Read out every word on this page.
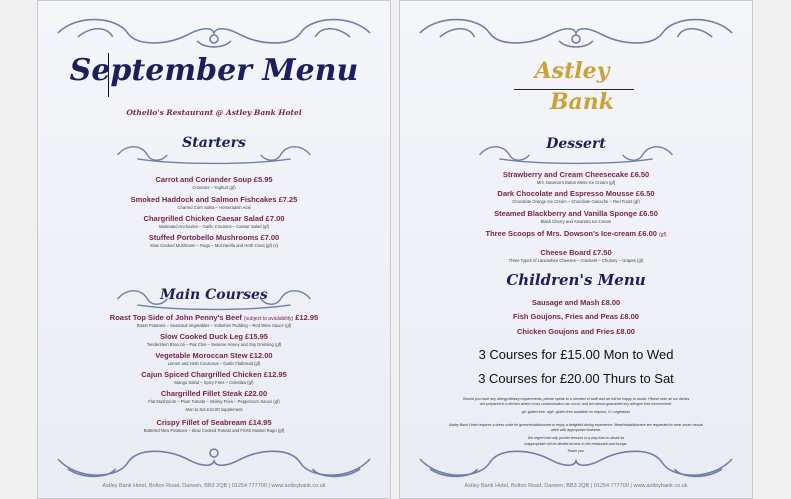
September Menu
Othello's Restaurant @ Astley Bank Hotel
Starters
Carrot and Coriander Soup £5.95
Croutons – Yoghurt (gf)
Smoked Haddock and Salmon Fishcakes £7.25
Charred Corn Salsa – Horseradish Aioli
Chargrilled Chicken Caesar Salad £7.00
Marinated Anchovies – Garlic Croutons – Caesar Salad (gf)
Stuffed Portobello Mushrooms £7.00
Slow Cooked Mushroom – Ragu – Mozzarella and Herb Crust (gf) (v)
Main Courses
Roast Top Side of John Penny's Beef (subject to availability) £12.95
Roast Potatoes – Seasonal Vegetables – Yorkshire Pudding – Red Wine Sauce (gf)
Slow Cooked Duck Leg £15.95
Tenderstem Broccoli – Pak Choi – Sesame Honey and Soy Dressing (gf)
Vegetable Moroccan Stew £12.00
Lemon and Herb Couscous – Garlic Flatbread (gf)
Cajun Spiced Chargrilled Chicken £12.95
Mango Salad – Spicy Fries – Coleslaw (gf)
Chargrilled Fillet Steak £22.00
Flat Mushroom – Plum Tomato – Skinny Fries – Peppercorn Sauce (gf)
Mon to Sat £10.00 supplement
Crispy Fillet of Seabream £14.95
Buttered New Potatoes – Slow Cooked Tomato and Fresh Mussel Ragu (gf)
Astley Bank Hotel, Bolton Road, Darwen, BB3 2QB | 01254 777700 | www.astleybank.co.uk
Astley
Bank
Dessert
Strawberry and Cream Cheesecake £6.50
Mrs. Dawson's Eaton Mess Ice Cream (gf)
Dark Chocolate and Espresso Mousse £6.50
Chocolate Orange Ice Cream – Chocolate Ganache – Red Fruits (gf)
Steamed Blackberry and Vanilla Sponge £6.50
Black Cherry and Amaretto Ice Cream
Three Scoops of Mrs. Dowson's Ice-cream £6.00 (gf)
Cheese Board £7.50
Three Types of Lancashire Cheeses – Crackers – Chutney – Grapes (gf)
Children's Menu
Sausage and Mash £8.00
Fish Goujons, Fries and Peas £8.00
Chicken Goujons and Fries £8.00
3 Courses for £15.00 Mon to Wed
3 Courses for £20.00 Thurs to Sat
Should you have any allergy/dietary requirements, please speak to a member of staff and we will be happy to assist. Please note all our dishes
are prepared in a kitchen where cross contamination can occur, and we cannot guarantee any allergen free environment.
gf= gluten free, algf= gluten free available on request, V= vegetarian
Astley Bank Hotel requires a dress code for guest/establishment to enjoy a delightful dining experience. Meat/establishment are requested to wear smart casual
attire with appropriate footwear.
We regret that only pocket dresses in a way that no doubt as
inappropriate will be denied access to the restaurant and lounge.
Thank you.
Astley Bank Hotel, Bolton Road, Darwen, BB3 2QB | 01254 777700 | www.astleybank.co.uk
